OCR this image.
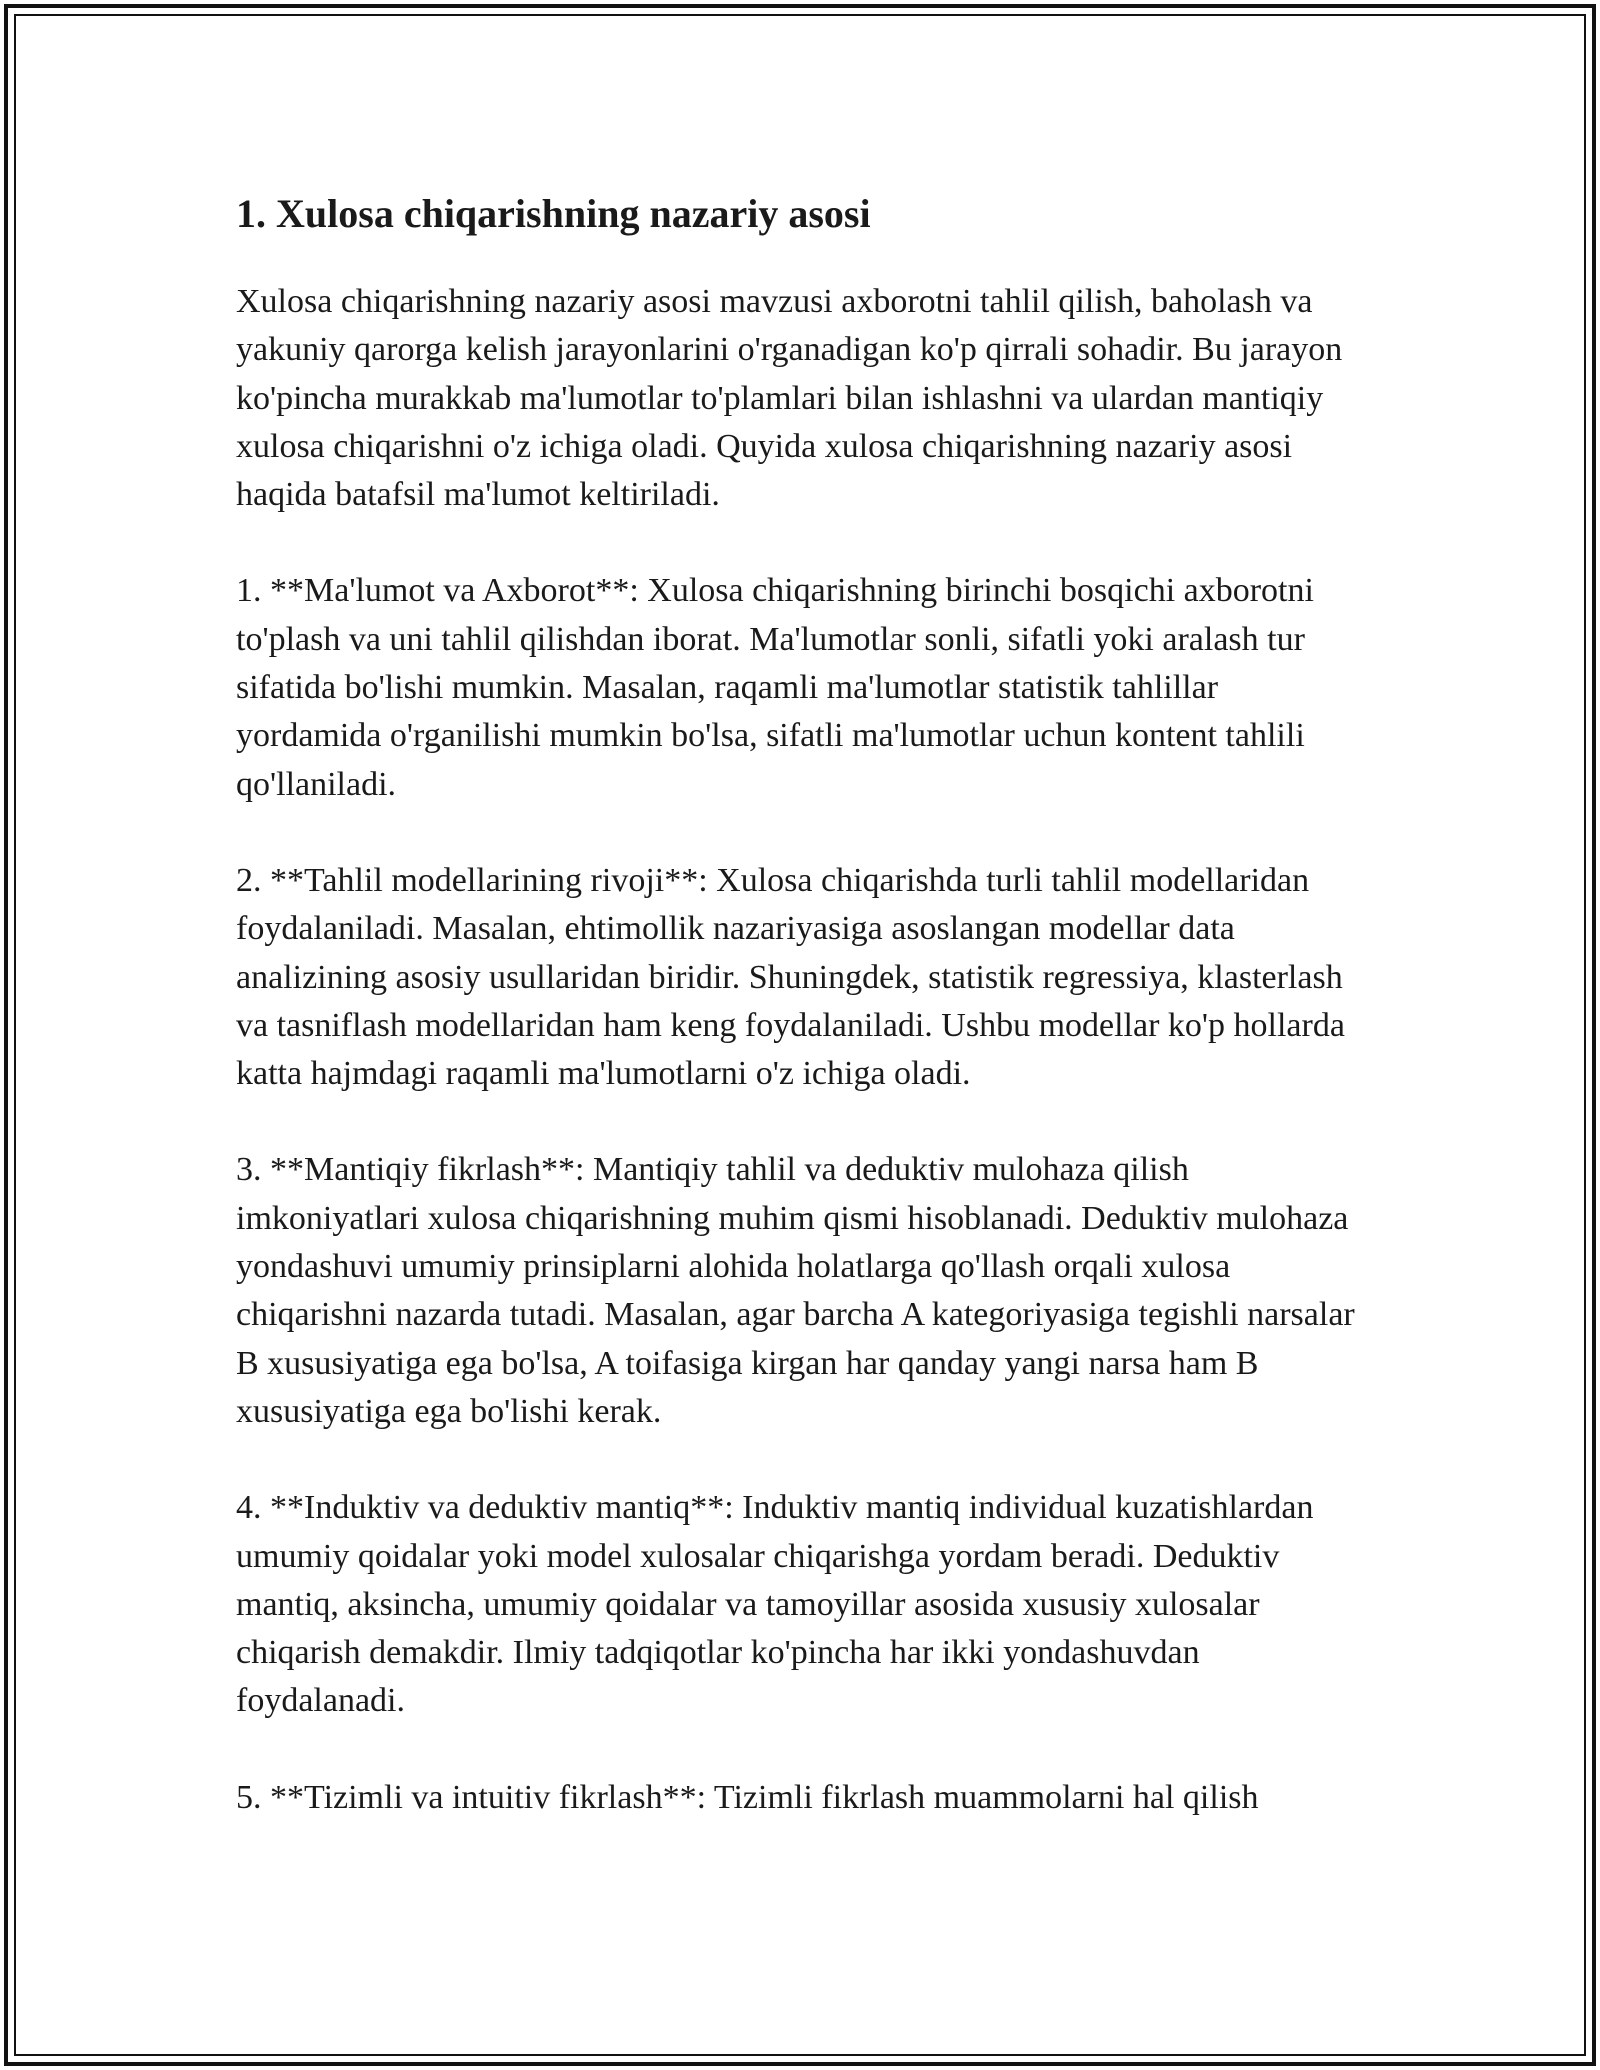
1. Xulosa chiqarishning nazariy asosi

Xulosa chiqarishning nazariy asosi mavzusi axborotni tahlil qilish, baholash va yakuniy qarorga kelish jarayonlarini o'rganadigan ko'p qirrali sohadir. Bu jarayon ko'pincha murakkab ma'lumotlar to'plamlari bilan ishlashni va ulardan mantiqiy xulosa chiqarishni o'z ichiga oladi. Quyida xulosa chiqarishning nazariy asosi haqida batafsil ma'lumot keltiriladi.

1. **Ma'lumot va Axborot**: Xulosa chiqarishning birinchi bosqichi axborotni to'plash va uni tahlil qilishdan iborat. Ma'lumotlar sonli, sifatli yoki aralash tur sifatida bo'lishi mumkin. Masalan, raqamli ma'lumotlar statistik tahlillar yordamida o'rganilishi mumkin bo'lsa, sifatli ma'lumotlar uchun kontent tahlili qo'llaniladi.

2. **Tahlil modellarining rivoji**: Xulosa chiqarishda turli tahlil modellaridan foydalaniladi. Masalan, ehtimollik nazariyasiga asoslangan modellar data analizining asosiy usullaridan biridir. Shuningdek, statistik regressiya, klasterlash va tasniflash modellaridan ham keng foydalaniladi. Ushbu modellar ko'p hollarda katta hajmdagi raqamli ma'lumotlarni o'z ichiga oladi.

3. **Mantiqiy fikrlash**: Mantiqiy tahlil va deduktiv mulohaza qilish imkoniyatlari xulosa chiqarishning muhim qismi hisoblanadi. Deduktiv mulohaza yondashuvi umumiy prinsiplarni alohida holatlarga qo'llash orqali xulosa chiqarishni nazarda tutadi. Masalan, agar barcha A kategoriyasiga tegishli narsalar B xususiyatiga ega bo'lsa, A toifasiga kirgan har qanday yangi narsa ham B xususiyatiga ega bo'lishi kerak.

4. **Induktiv va deduktiv mantiq**: Induktiv mantiq individual kuzatishlardan umumiy qoidalar yoki model xulosalar chiqarishga yordam beradi. Deduktiv mantiq, aksincha, umumiy qoidalar va tamoyillar asosida xususiy xulosalar chiqarish demakdir. Ilmiy tadqiqotlar ko'pincha har ikki yondashuvdan foydalanadi.

5. **Tizimli va intuitiv fikrlash**: Tizimli fikrlash muammolarni hal qilish
